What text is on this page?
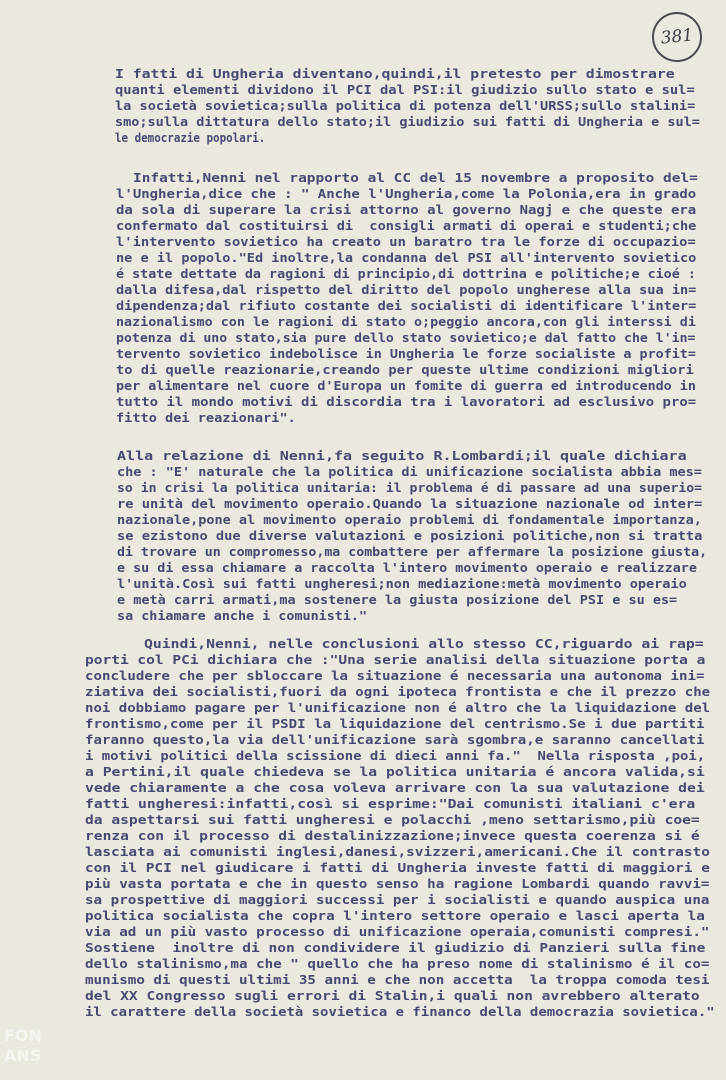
381
I fatti di Ungheria diventano,quindi,il pretesto per dimostrare
quanti elementi dividono il PCI dal PSI:il giudizio sullo stato e sul=
la società sovietica;sulla politica di potenza dell'URSS;sullo stalini=
smo;sulla dittatura dello stato;il giudizio sui fatti di Ungheria e sul=
le democrazie popolari.
Infatti,Nenni nel rapporto al CC del 15 novembre a proposito del=
l'Ungheria,dice che : " Anche l'Ungheria,come la Polonia,era in grado
da sola di superare la crisi attorno al governo Nagj e che queste era
confermato dal costituirsi di  consigli armati di operai e studenti;che
l'intervento sovietico ha creato un baratro tra le forze di occupazio=
ne e il popolo."Ed inoltre,la condanna del PSI all'intervento sovietico
é state dettate da ragioni di principio,di dottrina e politiche;e cioé :
dalla difesa,dal rispetto del diritto del popolo ungherese alla sua in=
dipendenza;dal rifiuto costante dei socialisti di identificare l'inter=
nazionalismo con le ragioni di stato o;peggio ancora,con gli interssi di
potenza di uno stato,sia pure dello stato sovietico;e dal fatto che l'in=
tervento sovietico indebolisce in Ungheria le forze socialiste a profit=
to di quelle reazionarie,creando per queste ultime condizioni migliori
per alimentare nel cuore d'Europa un fomite di guerra ed introducendo in
tutto il mondo motivi di discordia tra i lavoratori ad esclusivo pro=
fitto dei reazionari".
Alla relazione di Nenni,fa seguito R.Lombardi;il quale dichiara
che : "E' naturale che la politica di unificazione socialista abbia mes=
so in crisi la politica unitaria: il problema é di passare ad una superio=
re unità del movimento operaio.Quando la situazione nazionale od inter=
nazionale,pone al movimento operaio problemi di fondamentale importanza,
se ezistono due diverse valutazioni e posizioni politiche,non si tratta
di trovare un compromesso,ma combattere per affermare la posizione giusta,
e su di essa chiamare a raccolta l'intero movimento operaio e realizzare
l'unità.Così sui fatti ungheresi;non mediazione:metà movimento operaio
e metà carri armati,ma sostenere la giusta posizione del PSI e su es=
sa chiamare anche i comunisti."
Quindi,Nenni, nelle conclusioni allo stesso CC,riguardo ai rap=
porti col PCi dichiara che :"Una serie analisi della situazione porta a
concludere che per sbloccare la situazione é necessaria una autonoma ini=
ziativa dei socialisti,fuori da ogni ipoteca frontista e che il prezzo che
noi dobbiamo pagare per l'unificazione non é altro che la liquidazione del
frontismo,come per il PSDI la liquidazione del centrismo.Se i due partiti
faranno questo,la via dell'unificazione sarà sgombra,e saranno cancellati
i motivi politici della scissione di dieci anni fa."  Nella risposta ,poi,
a Pertini,il quale chiedeva se la politica unitaria é ancora valida,si
vede chiaramente a che cosa voleva arrivare con la sua valutazione dei
fatti ungheresi:infatti,così si esprime:"Dai comunisti italiani c'era
da aspettarsi sui fatti ungheresi e polacchi ,meno settarismo,più coe=
renza con il processo di destalinizzazione;invece questa coerenza si é
lasciata ai comunisti inglesi,danesi,svizzeri,americani.Che il contrasto
con il PCI nel giudicare i fatti di Ungheria investe fatti di maggiori e
più vasta portata e che in questo senso ha ragione Lombardi quando ravvi=
sa prospettive di maggiori successi per i socialisti e quando auspica una
politica socialista che copra l'intero settore operaio e lasci aperta la
via ad un più vasto processo di unificazione operaia,comunisti compresi."
Sostiene  inoltre di non condividere il giudizio di Panzieri sulla fine
dello stalinismo,ma che " quello che ha preso nome di stalinismo é il co=
munismo di questi ultimi 35 anni e che non accetta  la troppa comoda tesi
del XX Congresso sugli errori di Stalin,i quali non avrebbero alterato
il carattere della società sovietica e financo della democrazia sovietica."
FON
ANS
